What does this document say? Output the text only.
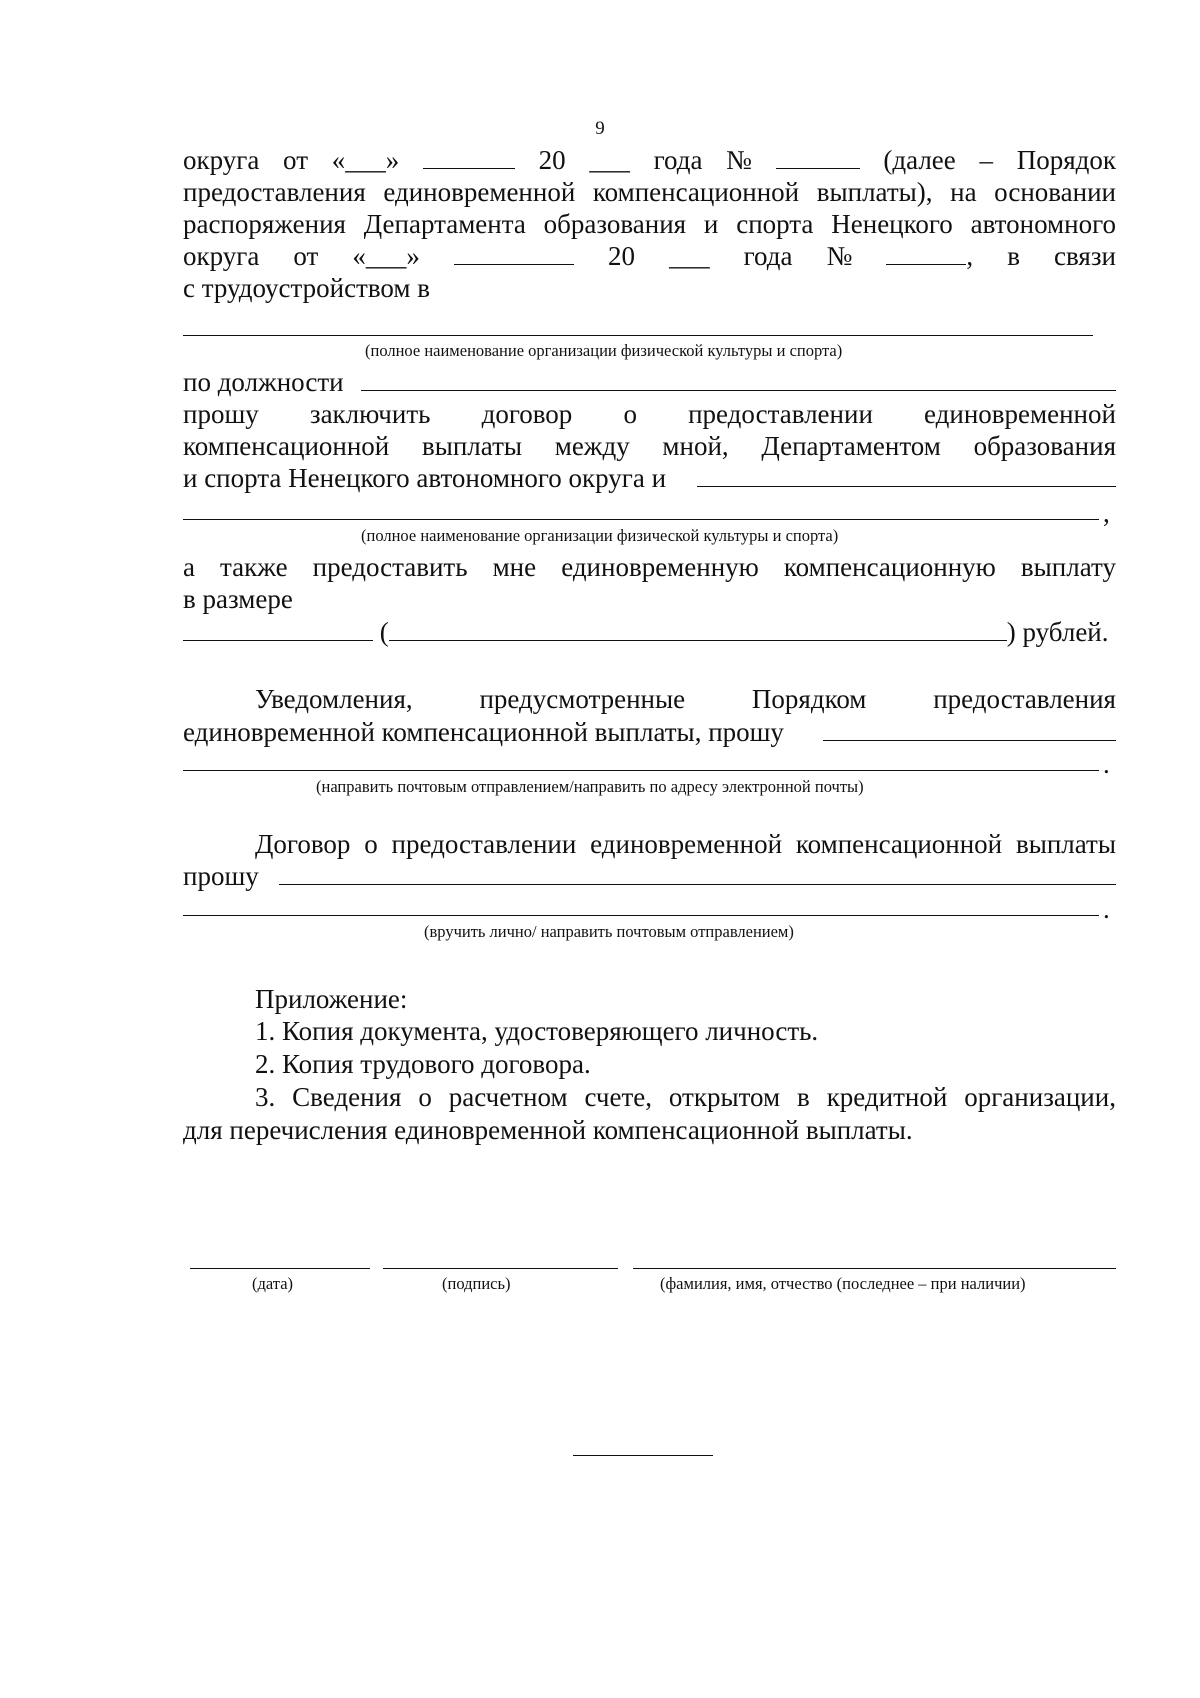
9
округа от «___»	20 ___ года №	(далее – Порядок
предоставления единовременной компенсационной выплаты), на основании
распоряжения Департамента образования и спорта Ненецкого автономного
округа от «___»	20 ___ года №	, в связи
с трудоустройством в
(полное наименование организации физической культуры и спорта)
по должности
прошу заключить договор о предоставлении единовременной
компенсационной выплаты между мной, Департаментом образования
и спорта Ненецкого автономного округа и
,
(полное наименование организации физической культуры и спорта)
а также предоставить мне единовременную компенсационную выплату
в размере
(	) рублей.
Уведомления, предусмотренные Порядком предоставления
единовременной компенсационной выплаты, прошу
.
(направить почтовым отправлением/направить по адресу электронной почты)
Договор о предоставлении единовременной компенсационной выплаты
прошу
.
(вручить лично/ направить почтовым отправлением)
Приложение:
1. Копия документа, удостоверяющего личность.
2. Копия трудового договора.
3. Сведения о расчетном счете, открытом в кредитной организации,
для перечисления единовременной компенсационной выплаты.
(дата)	(подпись)	(фамилия, имя, отчество (последнее – при наличии)
